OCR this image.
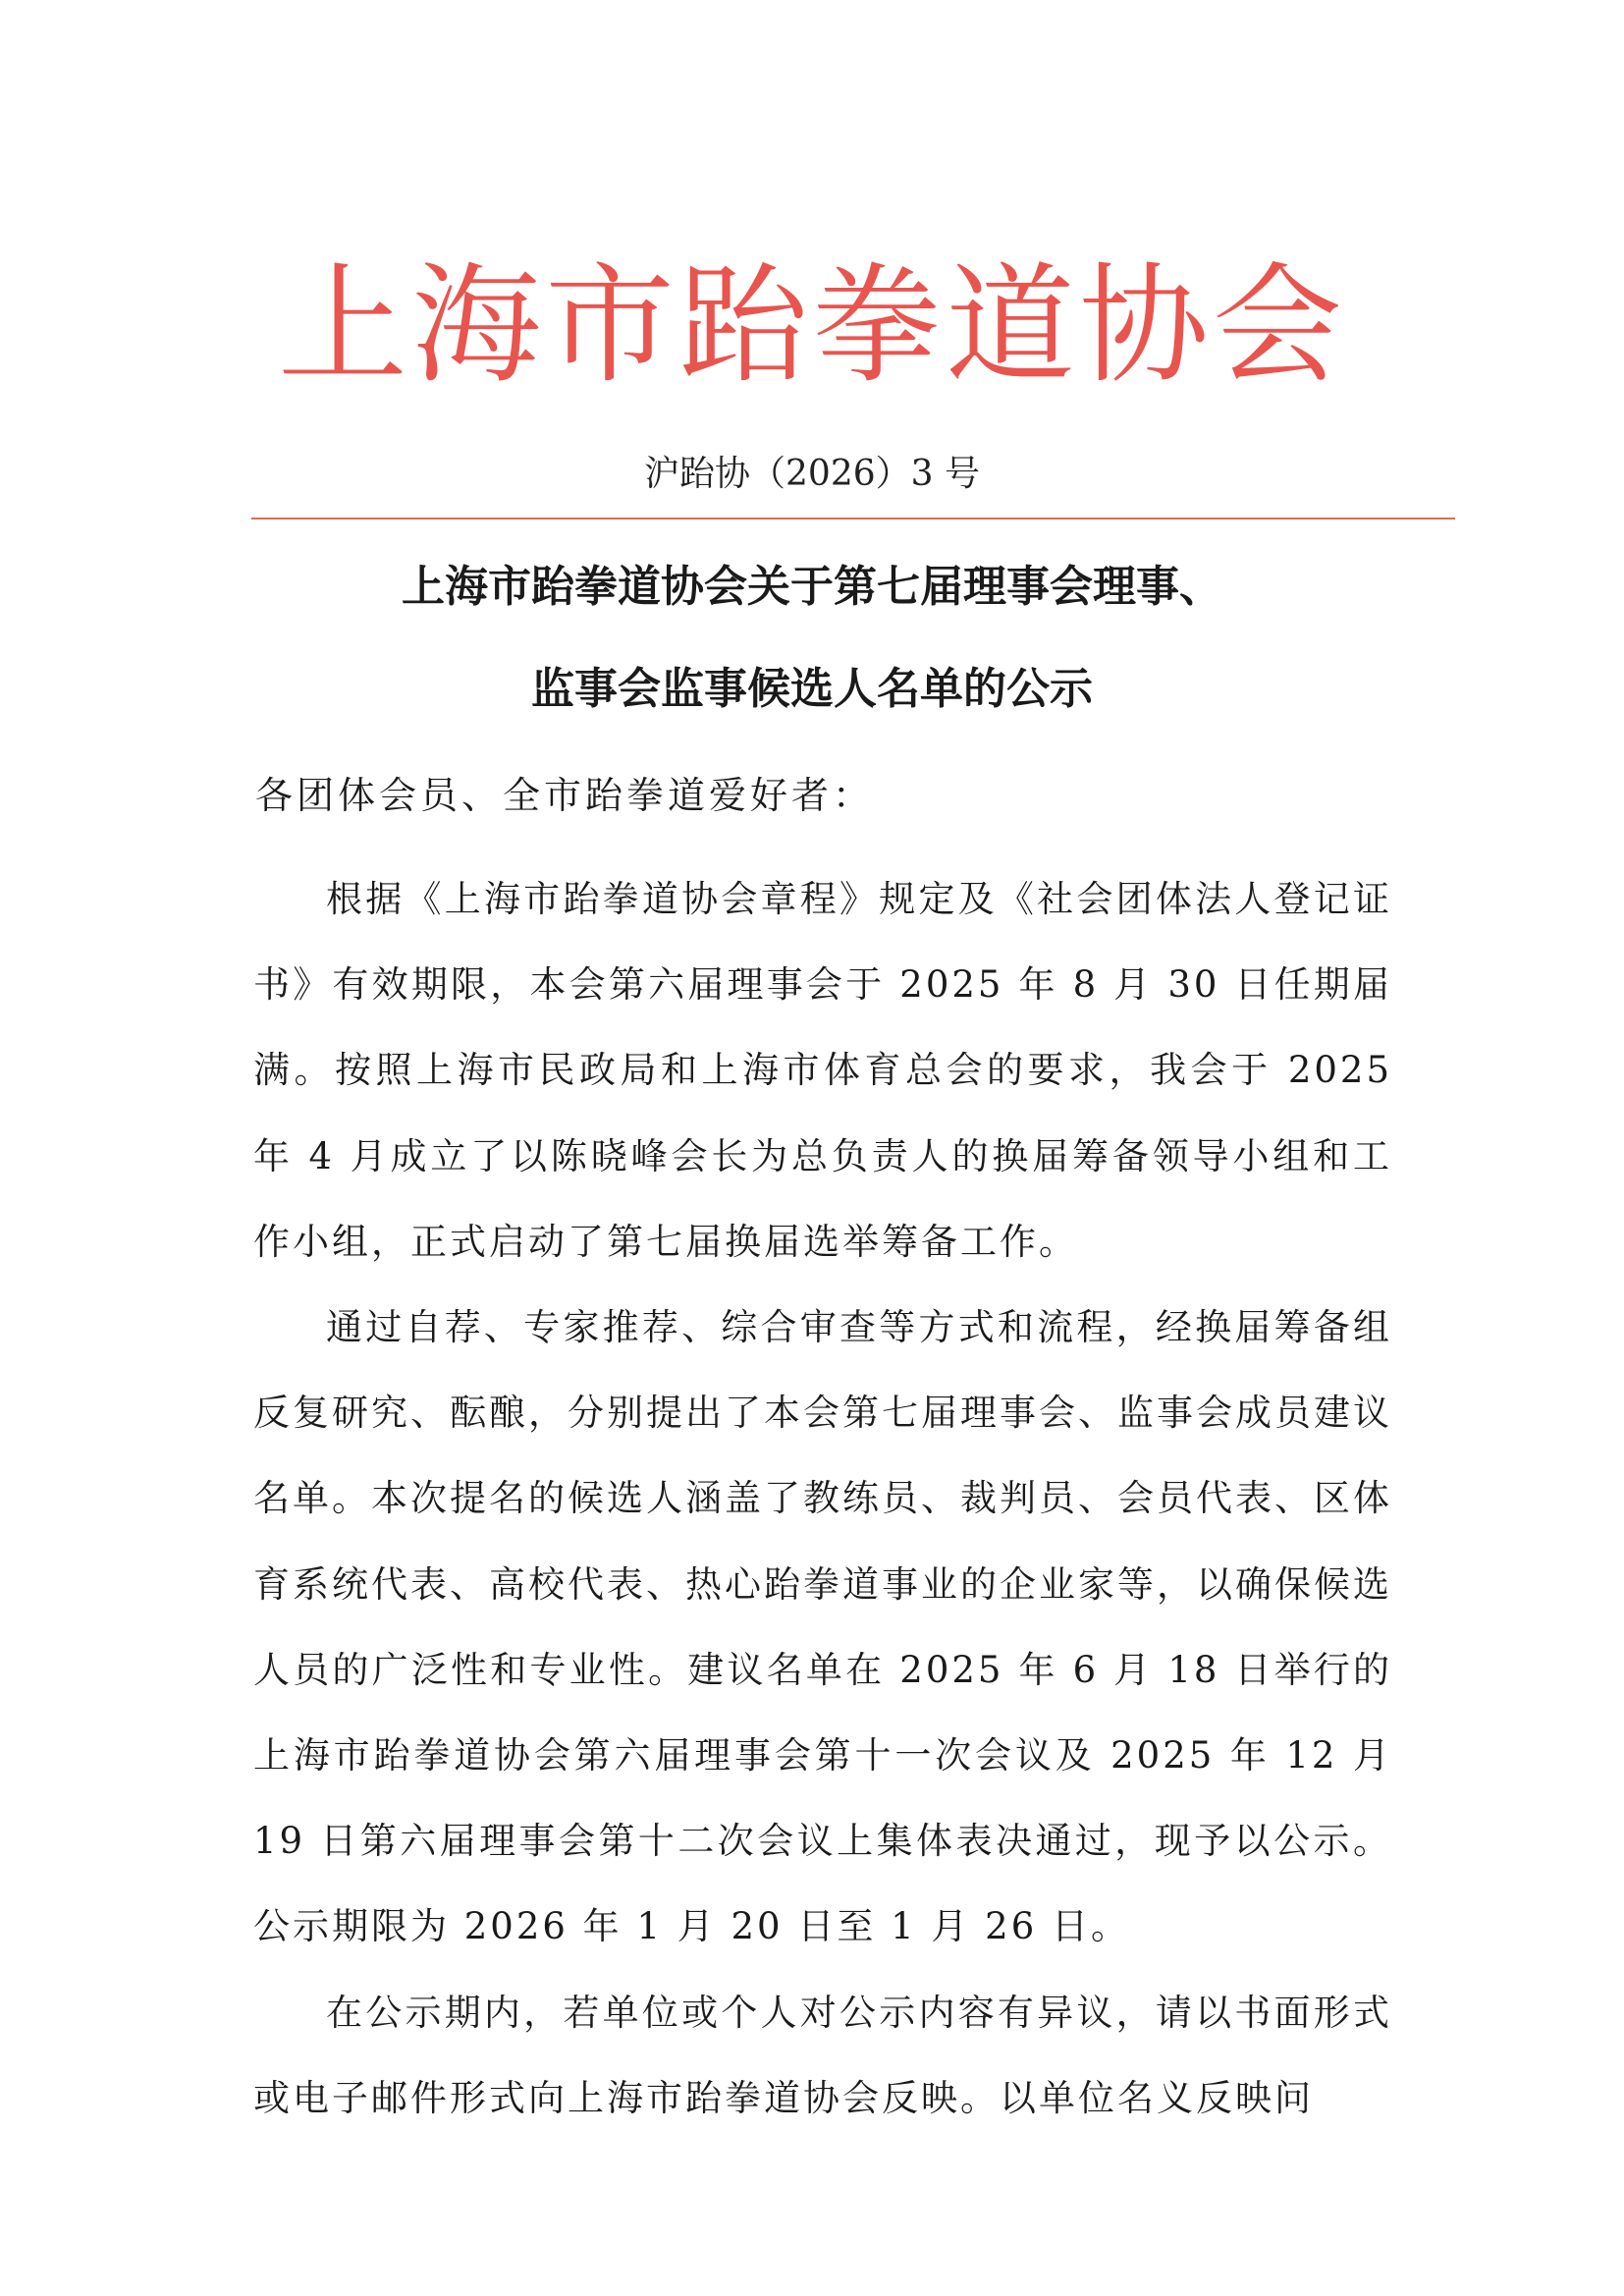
上海市跆拳道协会
沪跆协（2026）3 号
上海市跆拳道协会关于第七届理事会理事、
监事会监事候选人名单的公示
各团体会员、全市跆拳道爱好者：

根据《上海市跆拳道协会章程》规定及《社会团体法人登记证书》有效期限，本会第六届理事会于 2025 年 8 月 30 日任期届满。按照上海市民政局和上海市体育总会的要求，我会于 2025 年 4 月成立了以陈晓峰会长为总负责人的换届筹备领导小组和工作小组，正式启动了第七届换届选举筹备工作。

通过自荐、专家推荐、综合审查等方式和流程，经换届筹备组反复研究、酝酿，分别提出了本会第七届理事会、监事会成员建议名单。本次提名的候选人涵盖了教练员、裁判员、会员代表、区体育系统代表、高校代表、热心跆拳道事业的企业家等，以确保候选人员的广泛性和专业性。建议名单在 2025 年 6 月 18 日举行的上海市跆拳道协会第六届理事会第十一次会议及 2025 年 12 月 19 日第六届理事会第十二次会议上集体表决通过，现予以公示。公示期限为 2026 年 1 月 20 日至 1 月 26 日。

在公示期内，若单位或个人对公示内容有异议，请以书面形式或电子邮件形式向上海市跆拳道协会反映。以单位名义反映问
